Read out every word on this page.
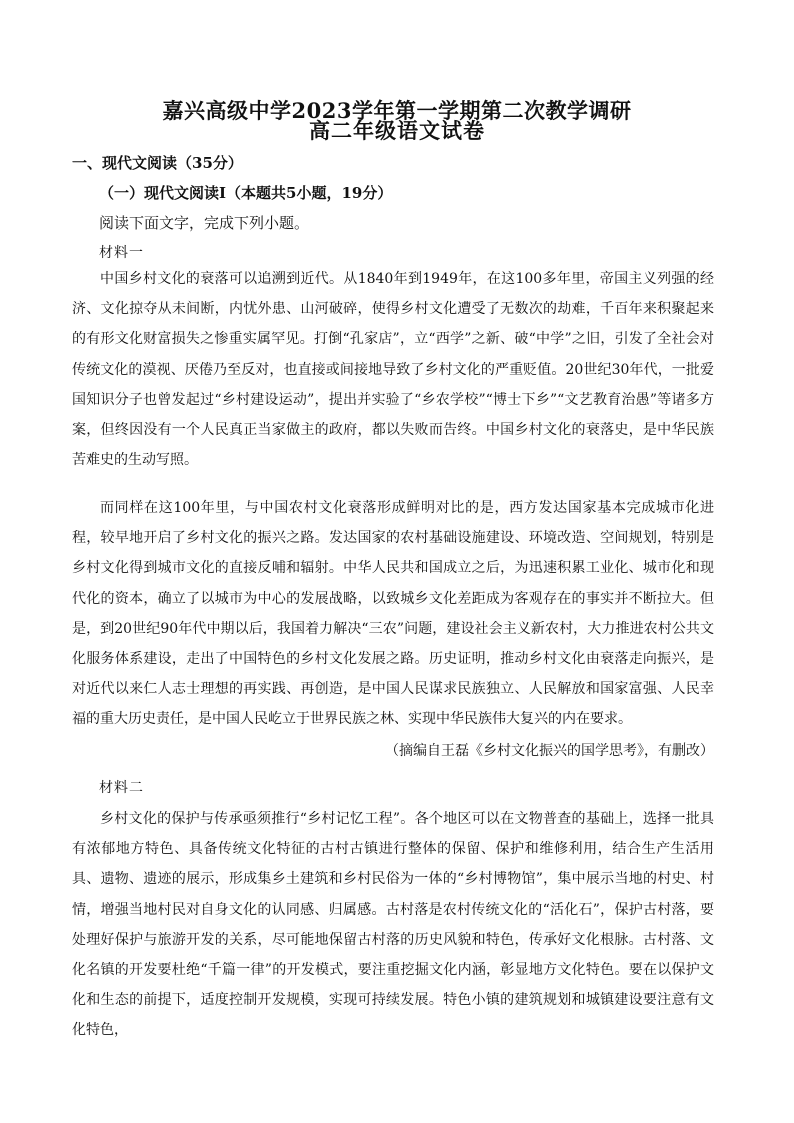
嘉兴高级中学2023学年第一学期第二次教学调研
高二年级语文试卷
一、现代文阅读（35分）
（一）现代文阅读Ⅰ（本题共5小题，19分）
阅读下面文字，完成下列小题。
材料一
中国乡村文化的衰落可以追溯到近代。从1840年到1949年，在这100多年里，帝国主义列强的经济、文化掠夺从未间断，内忧外患、山河破碎，使得乡村文化遭受了无数次的劫难，千百年来积聚起来的有形文化财富损失之惨重实属罕见。打倒“孔家店”，立“西学”之新、破“中学”之旧，引发了全社会对传统文化的漠视、厌倦乃至反对，也直接或间接地导致了乡村文化的严重贬值。20世纪30年代，一批爱国知识分子也曾发起过“乡村建设运动”，提出并实验了“乡农学校”“博士下乡”“文艺教育治愚”等诸多方案，但终因没有一个人民真正当家做主的政府，都以失败而告终。中国乡村文化的衰落史，是中华民族苦难史的生动写照。
而同样在这100年里，与中国农村文化衰落形成鲜明对比的是，西方发达国家基本完成城市化进程，较早地开启了乡村文化的振兴之路。发达国家的农村基础设施建设、环境改造、空间规划，特别是乡村文化得到城市文化的直接反哺和辐射。中华人民共和国成立之后，为迅速积累工业化、城市化和现代化的资本，确立了以城市为中心的发展战略，以致城乡文化差距成为客观存在的事实并不断拉大。但是，到20世纪90年代中期以后，我国着力解决“三农”问题，建设社会主义新农村，大力推进农村公共文化服务体系建设，走出了中国特色的乡村文化发展之路。历史证明，推动乡村文化由衰落走向振兴，是对近代以来仁人志士理想的再实践、再创造，是中国人民谋求民族独立、人民解放和国家富强、人民幸福的重大历史责任，是中国人民屹立于世界民族之林、实现中华民族伟大复兴的内在要求。
（摘编自王磊《乡村文化振兴的国学思考》，有删改）
材料二
乡村文化的保护与传承亟须推行“乡村记忆工程”。各个地区可以在文物普查的基础上，选择一批具有浓郁地方特色、具备传统文化特征的古村古镇进行整体的保留、保护和维修利用，结合生产生活用具、遗物、遗迹的展示，形成集乡土建筑和乡村民俗为一体的“乡村博物馆”，集中展示当地的村史、村情，增强当地村民对自身文化的认同感、归属感。古村落是农村传统文化的“活化石”，保护古村落，要处理好保护与旅游开发的关系，尽可能地保留古村落的历史风貌和特色，传承好文化根脉。古村落、文化名镇的开发要杜绝“千篇一律”的开发模式，要注重挖掘文化内涵，彰显地方文化特色。要在以保护文化和生态的前提下，适度控制开发规模，实现可持续发展。特色小镇的建筑规划和城镇建设要注意有文化特色，
